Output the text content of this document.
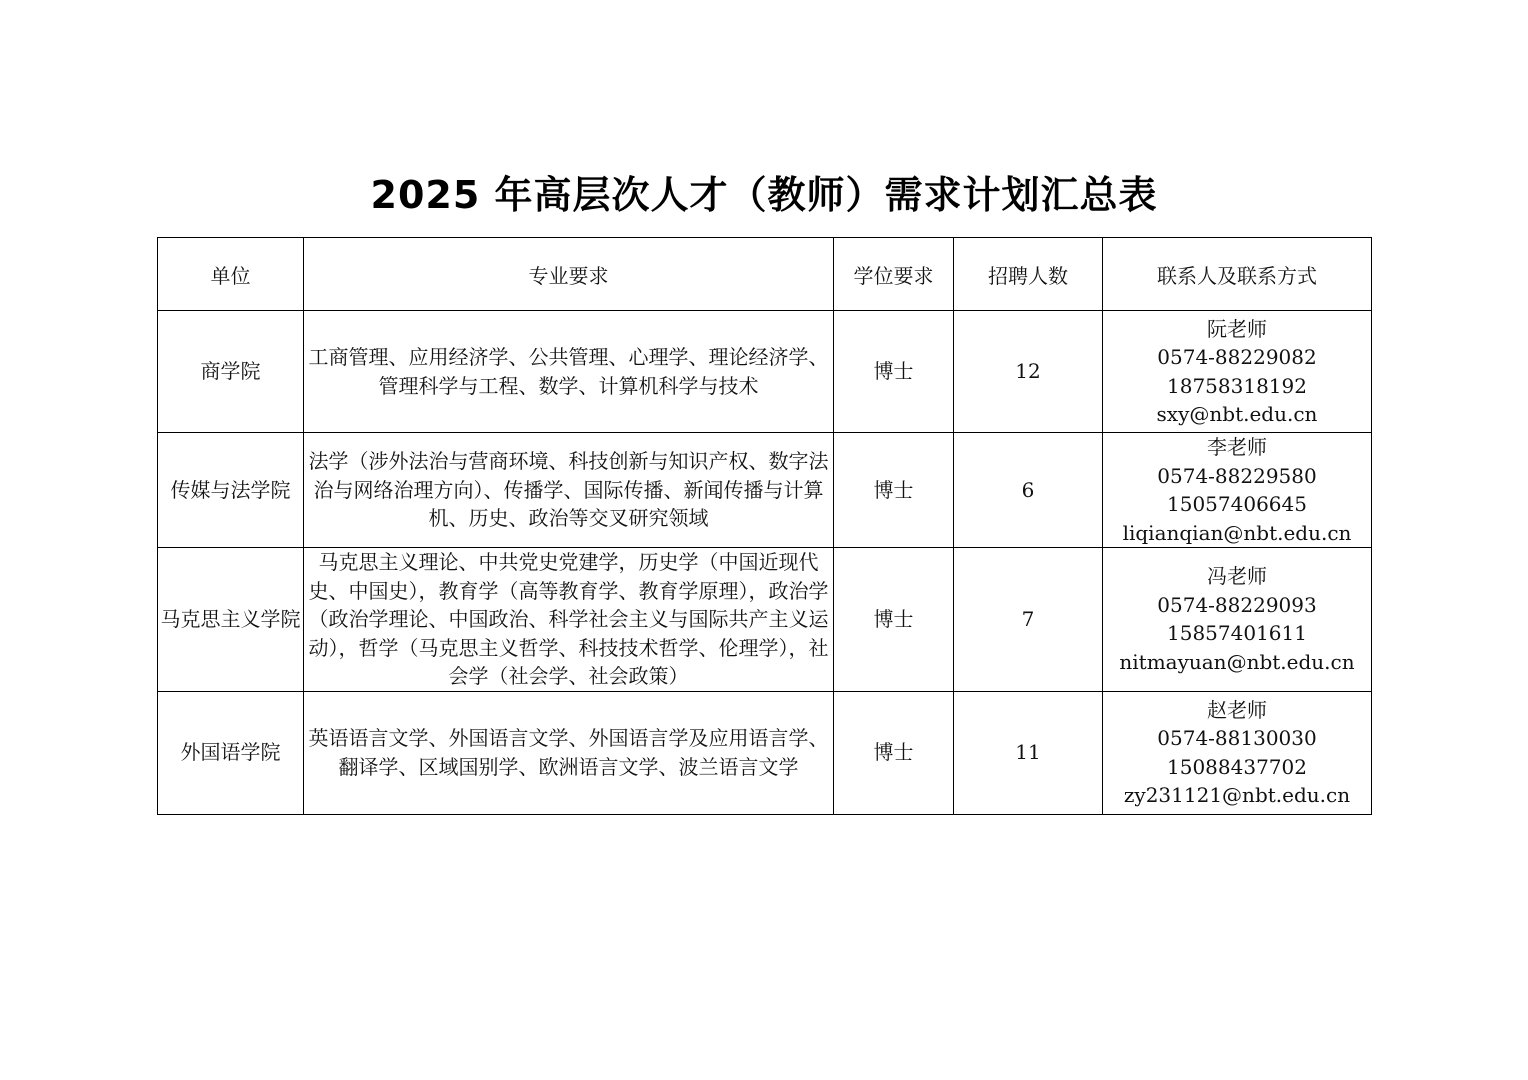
2025 年高层次人才（教师）需求计划汇总表
单位	专业要求	学位要求	招聘人数	联系人及联系方式
商学院	工商管理、应用经济学、公共管理、心理学、理论经济学、管理科学与工程、数学、计算机科学与技术	博士	12	阮老师
0574-88229082
18758318192
sxy@nbt.edu.cn

传媒与法学院	法学（涉外法治与营商环境、科技创新与知识产权、数字法治与网络治理方向）、传播学、国际传播、新闻传播与计算机、历史、政治等交叉研究领域	博士	6	李老师
0574-88229580
15057406645
liqianqian@nbt.edu.cn

马克思主义学院	马克思主义理论、中共党史党建学，历史学（中国近现代史、中国史），教育学（高等教育学、教育学原理），政治学（政治学理论、中国政治、科学社会主义与国际共产主义运动），哲学（马克思主义哲学、科技技术哲学、伦理学），社会学（社会学、社会政策）	博士	7	冯老师
0574-88229093
15857401611
nitmayuan@nbt.edu.cn

外国语学院	英语语言文学、外国语言文学、外国语言学及应用语言学、翻译学、区域国别学、欧洲语言文学、波兰语言文学	博士	11	赵老师
0574-88130030
15088437702
zy231121@nbt.edu.cn
